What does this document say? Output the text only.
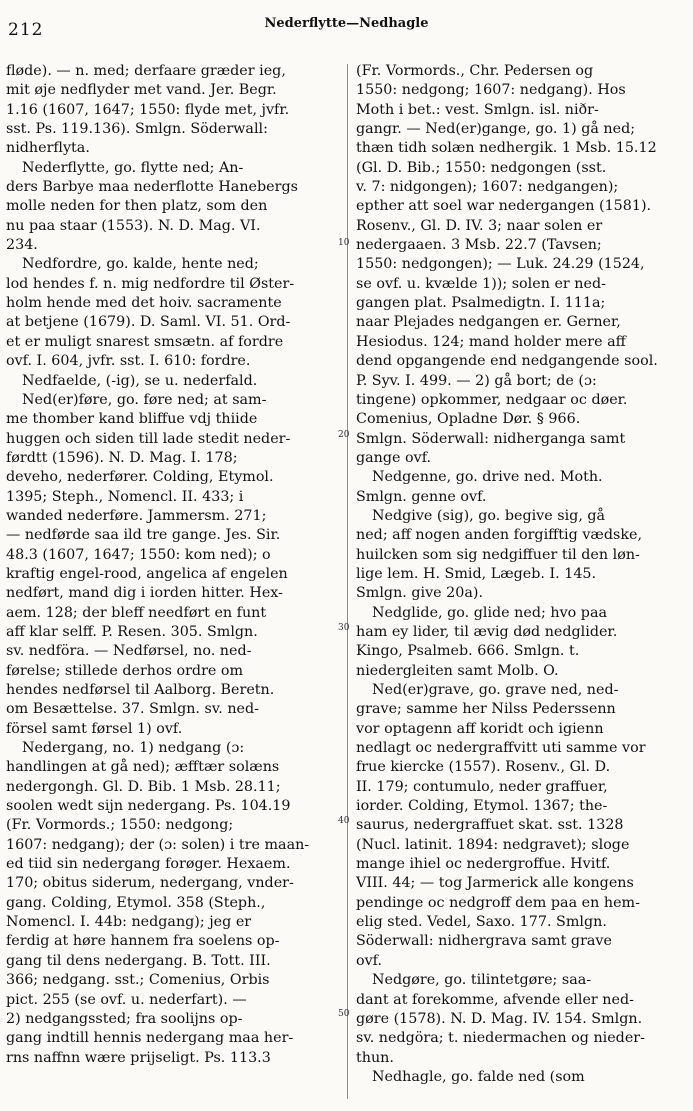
212	Nederflytte—Nedhagle
fløde). — n. med; derfaare græder ieg,
mit øje nedflyder met vand. Jer. Begr.
1.16 (1607, 1647; 1550: flyde met, jvfr.
sst. Ps. 119.136). Smlgn. Söderwall:
nidherflyta.
Nederflytte, go. flytte ned; An-
ders Barbye maa nederflotte Hanebergs
molle neden for then platz, som den
nu paa staar (1553). N. D. Mag. VI.
234.
Nedfordre, go. kalde, hente ned;
lod hendes f. n. mig nedfordre til Øster-
holm hende med det hoiv. sacramente
at betjene (1679). D. Saml. VI. 51. Ord-
et er muligt snarest smsætn. af fordre
ovf. I. 604, jvfr. sst. I. 610: fordre.
Nedfaelde, (-ig), se u. nederfald.
Ned(er)føre, go. føre ned; at sam-
me thomber kand bliffue vdj thiide
huggen och siden till lade stedit neder-
førdtt (1596). N. D. Mag. I. 178;
deveho, nederfører. Colding, Etymol.
1395; Steph., Nomencl. II. 433; i
wanded nederføre. Jammersm. 271;
— nedførde saa ild tre gange. Jes. Sir.
48.3 (1607, 1647; 1550: kom ned); o
kraftig engel-rood, angelica af engelen
nedført, mand dig i iorden hitter. Hex-
aem. 128; der bleff needført en funt
aff klar selff. P. Resen. 305. Smlgn.
sv. nedföra. — Nedførsel, no. ned-
førelse; stillede derhos ordre om
hendes nedførsel til Aalborg. Beretn.
om Besættelse. 37. Smlgn. sv. ned-
försel samt førsel 1) ovf.
Nedergang, no. 1) nedgang (ɔ:
handlingen at gå ned); æfftær solæns
nedergongh. Gl. D. Bib. 1 Msb. 28.11;
soolen wedt sijn nedergang. Ps. 104.19
(Fr. Vormords.; 1550: nedgong;
1607: nedgang); der (ɔ: solen) i tre maan-
ed tiid sin nedergang forøger. Hexaem.
170; obitus siderum, nedergang, vnder-
gang. Colding, Etymol. 358 (Steph.,
Nomencl. I. 44b: nedgang); jeg er
ferdig at høre hannem fra soelens op-
gang til dens nedergang. B. Tott. III.
366; nedgang. sst.; Comenius, Orbis
pict. 255 (se ovf. u. nederfart). —
2) nedgangssted; fra soolijns op-
gang indtill hennis nedergang maa her-
rns naffnn wære prijseligt. Ps. 113.3
(Fr. Vormords., Chr. Pedersen og
1550: nedgong; 1607: nedgang). Hos
Moth i bet.: vest. Smlgn. isl. niðr-
gangr. — Ned(er)gange, go. 1) gå ned;
thæn tidh solæn nedhergik. 1 Msb. 15.12
(Gl. D. Bib.; 1550: nedgongen (sst.
v. 7: nidgongen); 1607: nedgangen);
epther att soel war nedergangen (1581).
Rosenv., Gl. D. IV. 3; naar solen er
nedergaaen. 3 Msb. 22.7 (Tavsen;
1550: nedgongen); — Luk. 24.29 (1524,
se ovf. u. kvælde 1)); solen er ned-
gangen plat. Psalmedigtn. I. 111a;
naar Plejades nedgangen er. Gerner,
Hesiodus. 124; mand holder mere aff
dend opgangende end nedgangende sool.
P. Syv. I. 499. — 2) gå bort; de (ɔ:
tingene) opkommer, nedgaar oc døer.
Comenius, Opladne Dør. § 966.
Smlgn. Söderwall: nidherganga samt
gange ovf.
Nedgenne, go. drive ned. Moth.
Smlgn. genne ovf.
Nedgive (sig), go. begive sig, gå
ned; aff nogen anden forgifftig vædske,
huilcken som sig nedgiffuer til den løn-
lige lem. H. Smid, Lægeb. I. 145.
Smlgn. give 20a).
Nedglide, go. glide ned; hvo paa
ham ey lider, til ævig død nedglider.
Kingo, Psalmeb. 666. Smlgn. t.
niedergleiten samt Molb. O.
Ned(er)grave, go. grave ned, ned-
grave; samme her Nilss Pederssenn
vor optagenn aff koridt och igienn
nedlagt oc nedergraffvitt uti samme vor
frue kiercke (1557). Rosenv., Gl. D.
II. 179; contumulo, neder graffuer,
iorder. Colding, Etymol. 1367; the-
saurus, nedergraffuet skat. sst. 1328
(Nucl. latinit. 1894: nedgravet); sloge
mange ihiel oc nedergroffue. Hvitf.
VIII. 44; — tog Jarmerick alle kongens
pendinge oc nedgroff dem paa en hem-
elig sted. Vedel, Saxo. 177. Smlgn.
Söderwall: nidhergrava samt grave
ovf.
Nedgøre, go. tilintetgøre; saa-
dant at forekomme, afvende eller ned-
gøre (1578). N. D. Mag. IV. 154. Smlgn.
sv. nedgöra; t. niedermachen og nieder-
thun.
Nedhagle, go. falde ned (som
10
20
30
40
50
